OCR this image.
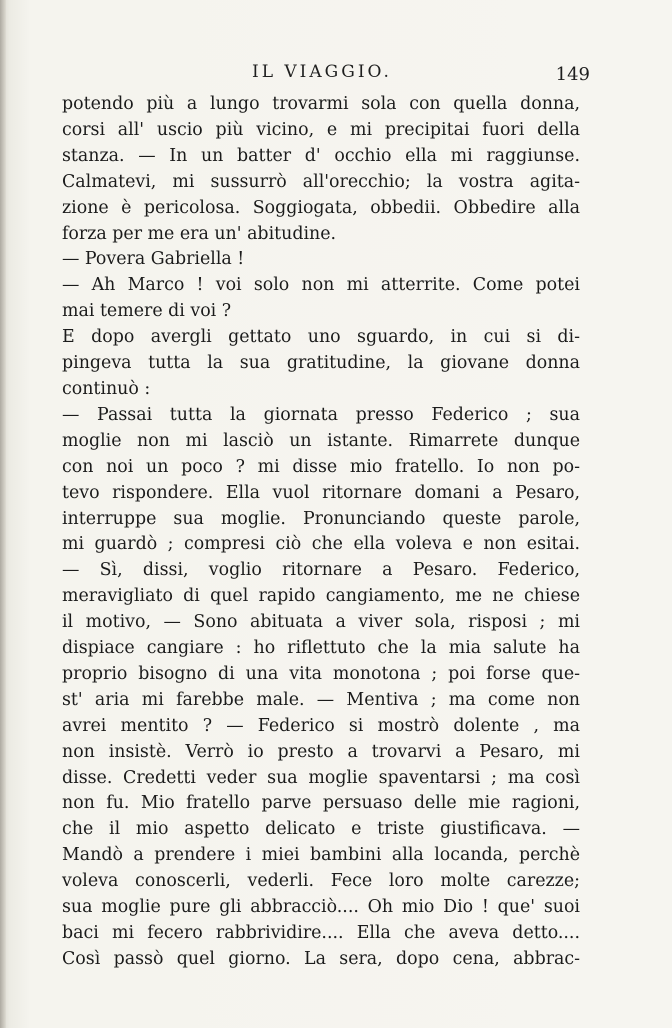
IL VIAGGIO.	149
potendo più a lungo trovarmi sola con quella donna,
corsi all' uscio più vicino, e mi precipitai fuori della
stanza. — In un batter d' occhio ella mi raggiunse.
Calmatevi, mi sussurrò all'orecchio; la vostra agita-
zione è pericolosa. Soggiogata, obbedii. Obbedire alla
forza per me era un' abitudine.
— Povera Gabriella !
— Ah Marco ! voi solo non mi atterrite. Come potei
mai temere di voi ?
E dopo avergli gettato uno sguardo, in cui si di-
pingeva tutta la sua gratitudine, la giovane donna
continuò :
— Passai tutta la giornata presso Federico ; sua
moglie non mi lasciò un istante. Rimarrete dunque
con noi un poco ? mi disse mio fratello. Io non po-
tevo rispondere. Ella vuol ritornare domani a Pesaro,
interruppe sua moglie. Pronunciando queste parole,
mi guardò ; compresi ciò che ella voleva e non esitai.
— Sì, dissi, voglio ritornare a Pesaro. Federico,
meravigliato di quel rapido cangiamento, me ne chiese
il motivo, — Sono abituata a viver sola, risposi ; mi
dispiace cangiare : ho riflettuto che la mia salute ha
proprio bisogno di una vita monotona ; poi forse que-
st' aria mi farebbe male. — Mentiva ; ma come non
avrei mentito ? — Federico si mostrò dolente , ma
non insistè. Verrò io presto a trovarvi a Pesaro, mi
disse. Credetti veder sua moglie spaventarsi ; ma così
non fu. Mio fratello parve persuaso delle mie ragioni,
che il mio aspetto delicato e triste giustificava. —
Mandò a prendere i miei bambini alla locanda, perchè
voleva conoscerli, vederli. Fece loro molte carezze;
sua moglie pure gli abbracciò.... Oh mio Dio ! que' suoi
baci mi fecero rabbrividire.... Ella che aveva detto....
Così passò quel giorno. La sera, dopo cena, abbrac-
